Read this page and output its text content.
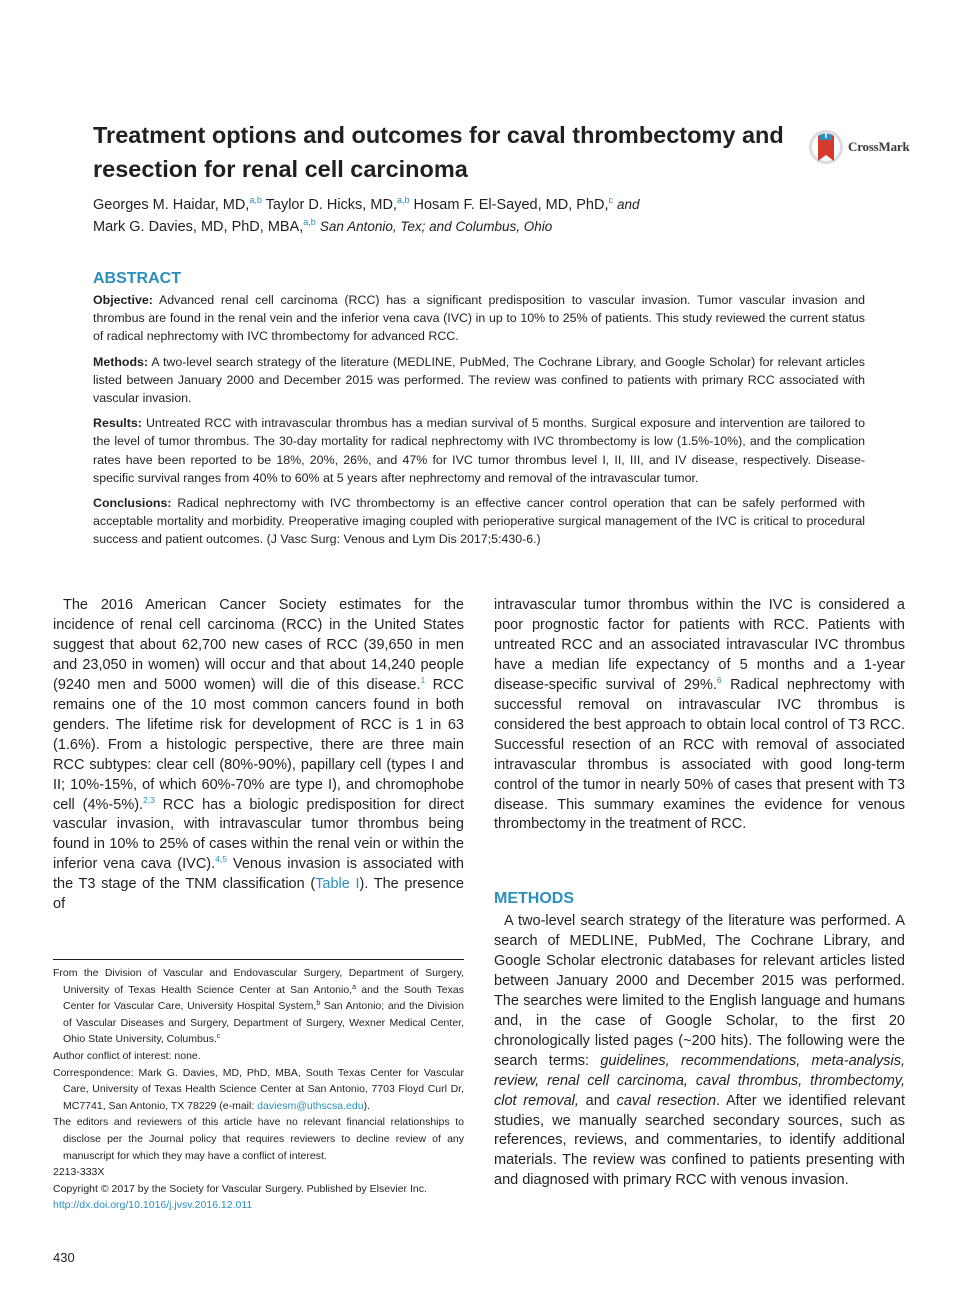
Treatment options and outcomes for caval thrombectomy and resection for renal cell carcinoma
CrossMark
Georges M. Haidar, MD,$^{a,b}$ Taylor D. Hicks, MD,$^{a,b}$ Hosam F. El-Sayed, MD, PhD,$^c$ and
Mark G. Davies, MD, PhD, MBA,$^{a,b}$ San Antonio, Tex; and Columbus, Ohio
ABSTRACT

Objective: Advanced renal cell carcinoma (RCC) has a significant predisposition to vascular invasion. Tumor vascular invasion and thrombus are found in the renal vein and the inferior vena cava (IVC) in up to 10% to 25% of patients. This study reviewed the current status of radical nephrectomy with IVC thrombectomy for advanced RCC.

Methods: A two-level search strategy of the literature (MEDLINE, PubMed, The Cochrane Library, and Google Scholar) for relevant articles listed between January 2000 and December 2015 was performed. The review was confined to patients with primary RCC associated with vascular invasion.

Results: Untreated RCC with intravascular thrombus has a median survival of 5 months. Surgical exposure and intervention are tailored to the level of tumor thrombus. The 30-day mortality for radical nephrectomy with IVC thrombectomy is low (1.5%-10%), and the complication rates have been reported to be 18%, 20%, 26%, and 47% for IVC tumor thrombus level I, II, III, and IV disease, respectively. Disease-specific survival ranges from 40% to 60% at 5 years after nephrectomy and removal of the intravascular tumor.

Conclusions: Radical nephrectomy with IVC thrombectomy is an effective cancer control operation that can be safely performed with acceptable mortality and morbidity. Preoperative imaging coupled with perioperative surgical management of the IVC is critical to procedural success and patient outcomes. (J Vasc Surg: Venous and Lym Dis 2017;5:430-6.)

The 2016 American Cancer Society estimates for the incidence of renal cell carcinoma (RCC) in the United States suggest that about 62,700 new cases of RCC (39,650 in men and 23,050 in women) will occur and that about 14,240 people (9240 men and 5000 women) will die of this disease.$^1$ RCC remains one of the 10 most common cancers found in both genders. The lifetime risk for development of RCC is 1 in 63 (1.6%). From a histologic perspective, there are three main RCC subtypes: clear cell (80%-90%), papillary cell (types I and II; 10%-15%, of which 60%-70% are type I), and chromophobe cell (4%-5%).$^{2,3}$ RCC has a biologic predisposition for direct vascular invasion, with intravascular tumor thrombus being found in 10% to 25% of cases within the renal vein or within the inferior vena cava (IVC).$^{4,5}$ Venous invasion is associated with the T3 stage of the TNM classification (Table I). The presence of

intravascular tumor thrombus within the IVC is considered a poor prognostic factor for patients with RCC. Patients with untreated RCC and an associated intravascular IVC thrombus have a median life expectancy of 5 months and a 1-year disease-specific survival of 29%.$^6$ Radical nephrectomy with successful removal on intravascular IVC thrombus is considered the best approach to obtain local control of T3 RCC. Successful resection of an RCC with removal of associated intravascular thrombus is associated with good long-term control of the tumor in nearly 50% of cases that present with T3 disease. This summary examines the evidence for venous thrombectomy in the treatment of RCC.

METHODS

A two-level search strategy of the literature was performed. A search of MEDLINE, PubMed, The Cochrane Library, and Google Scholar electronic databases for relevant articles listed between January 2000 and December 2015 was performed. The searches were limited to the English language and humans and, in the case of Google Scholar, to the first 20 chronologically listed pages (~200 hits). The following were the search terms: guidelines, recommendations, meta-analysis, review, renal cell carcinoma, caval thrombus, thrombectomy, clot removal, and caval resection. After we identified relevant studies, we manually searched secondary sources, such as references, reviews, and commentaries, to identify additional materials. The review was confined to patients presenting with and diagnosed with primary RCC with venous invasion.

From the Division of Vascular and Endovascular Surgery, Department of Surgery, University of Texas Health Science Center at San Antonio,$^a$ and the South Texas Center for Vascular Care, University Hospital System,$^b$ San Antonio; and the Division of Vascular Diseases and Surgery, Department of Surgery, Wexner Medical Center, Ohio State University, Columbus.$^c$

Author conflict of interest: none.

Correspondence: Mark G. Davies, MD, PhD, MBA, South Texas Center for Vascular Care, University of Texas Health Science Center at San Antonio, 7703 Floyd Curl Dr, MC7741, San Antonio, TX 78229 (e-mail: daviesm@uthscsa.edu).

The editors and reviewers of this article have no relevant financial relationships to disclose per the Journal policy that requires reviewers to decline review of any manuscript for which they may have a conflict of interest.

2213-333X

Copyright © 2017 by the Society for Vascular Surgery. Published by Elsevier Inc.

http://dx.doi.org/10.1016/j.jvsv.2016.12.011

430
